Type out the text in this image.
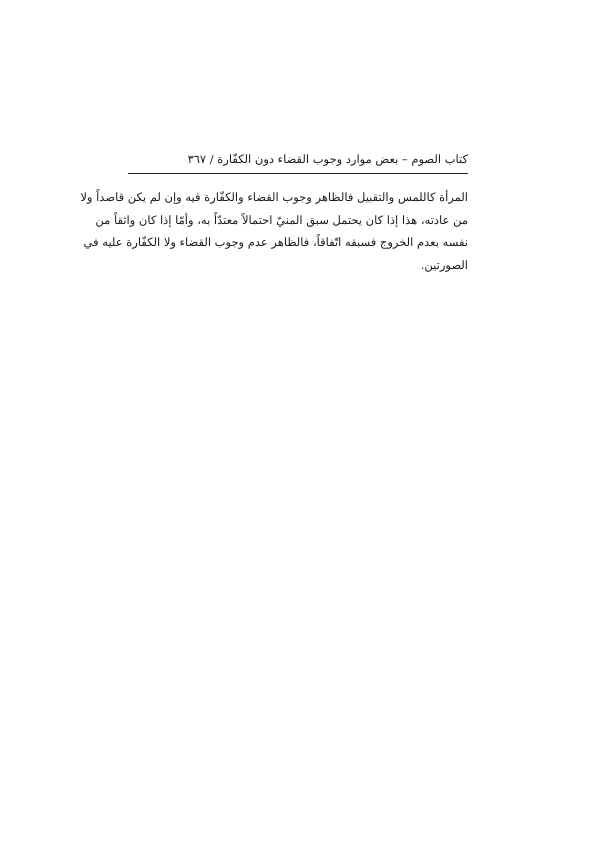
كتاب الصوم – بعض موارد وجوب القضاء دون الكفّارة / ٣٦٧
المرأة كاللمس والتقبيل فالظاهر وجوب القضاء والكفّارة فيه وإن لم يكن قاصداً ولا
من عادته، هذا إذا كان يحتمل سبق المنيّ احتمالاً معتدّاً به، وأمّا إذا كان واثقاً من
نفسه بعدم الخروج فسبقه اتّفاقاً، فالظاهر عدم وجوب القضاء ولا الكفّارة عليه في
الصورتين.
